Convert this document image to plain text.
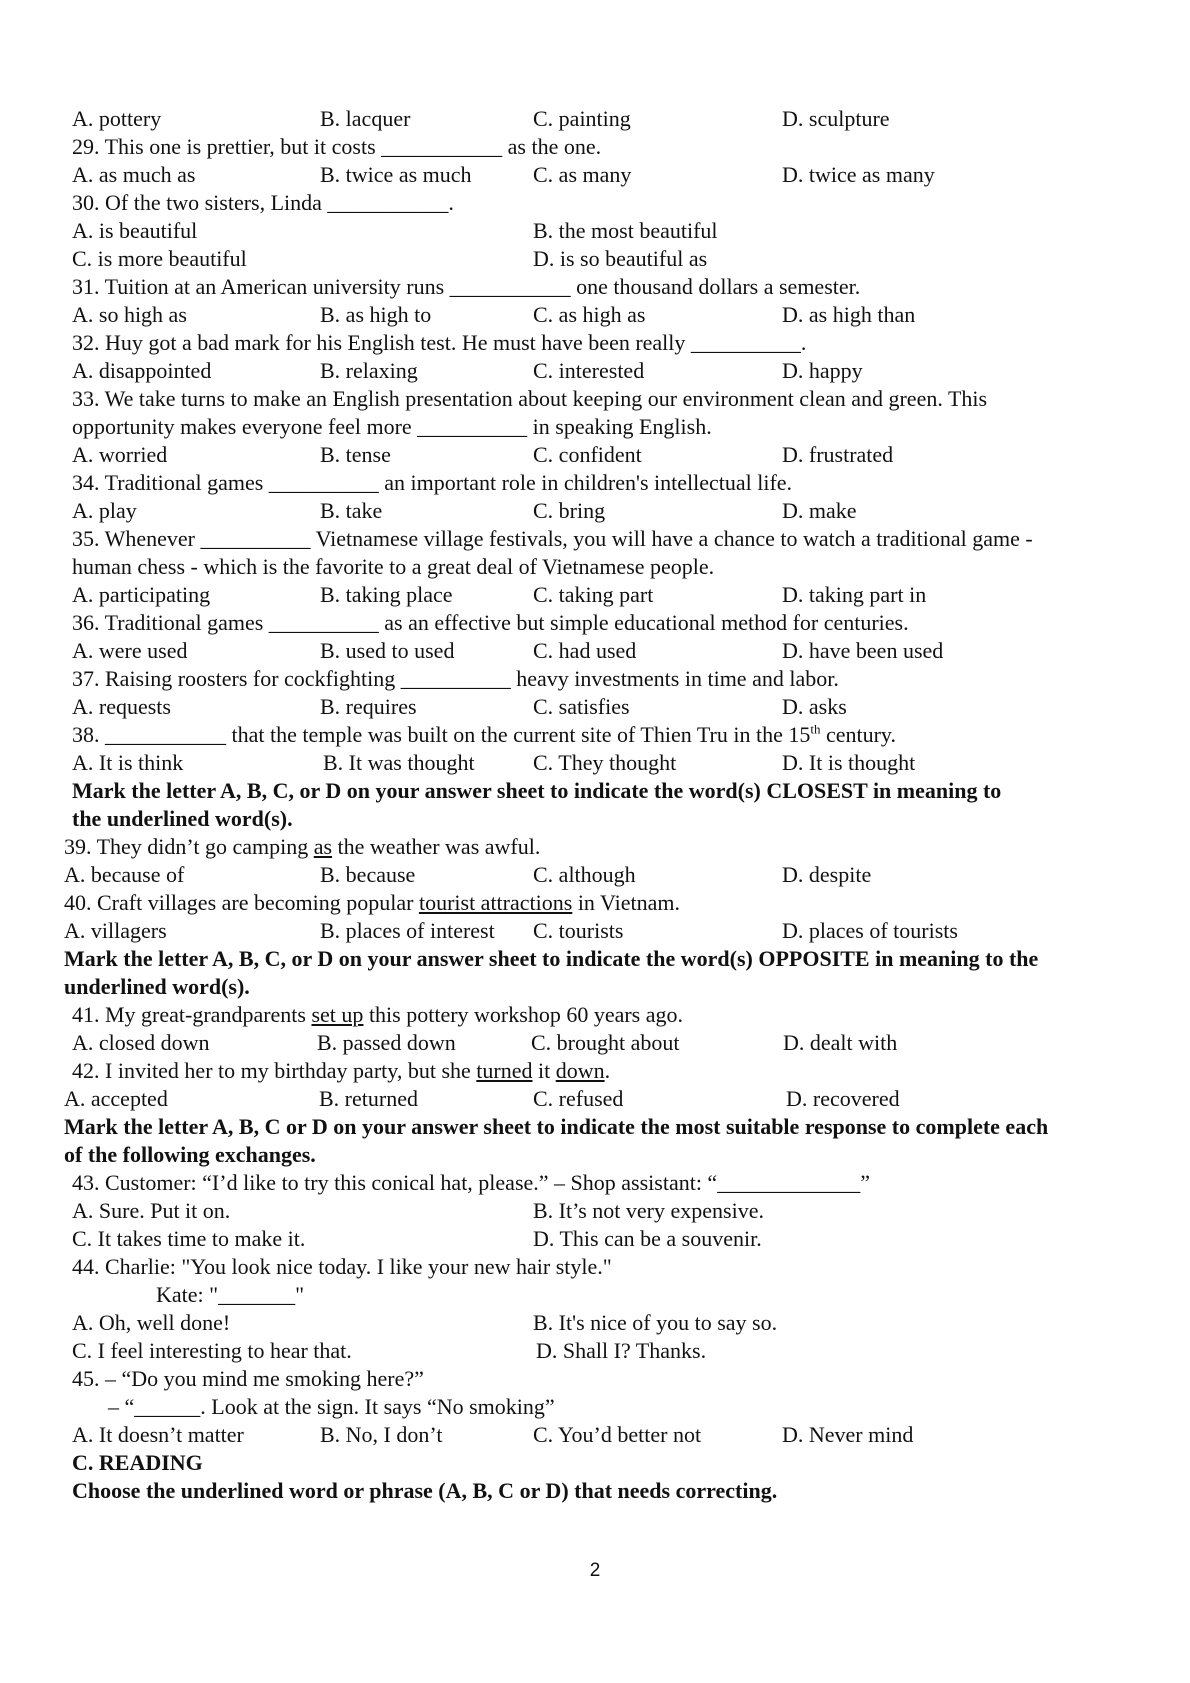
A. pottery	B. lacquer	C. painting	D. sculpture
29. This one is prettier, but it costs ___________ as the one.
A. as much as	B. twice as much	C. as many	D. twice as many
30. Of the two sisters, Linda ___________.
A. is beautiful	B. the most beautiful
C. is more beautiful	D. is so beautiful as
31. Tuition at an American university runs ___________ one thousand dollars a semester.
A. so high as	B. as high to	C. as high as	D. as high than
32. Huy got a bad mark for his English test. He must have been really __________.
A. disappointed	B. relaxing	C. interested	D. happy
33. We take turns to make an English presentation about keeping our environment clean and green. This
opportunity makes everyone feel more __________ in speaking English.
A. worried	B. tense	C. confident	D. frustrated
34. Traditional games __________ an important role in children's intellectual life.
A. play	B. take	C. bring	D. make
35. Whenever __________ Vietnamese village festivals, you will have a chance to watch a traditional game -
human chess - which is the favorite to a great deal of Vietnamese people.
A. participating	B. taking place	C. taking part	D. taking part in
36. Traditional games __________ as an effective but simple educational method for centuries.
A. were used	B. used to used	C. had used	D. have been used
37. Raising roosters for cockfighting __________ heavy investments in time and labor.
A. requests	B. requires	C. satisfies	D. asks
38. ___________ that the temple was built on the current site of Thien Tru in the 15th century.
A. It is think	B. It was thought	C. They thought	D. It is thought
Mark the letter A, B, C, or D on your answer sheet to indicate the word(s) CLOSEST in meaning to
the underlined word(s).
39. They didn’t go camping as the weather was awful.
A. because of	B. because	C. although	D. despite
40. Craft villages are becoming popular tourist attractions in Vietnam.
A. villagers	B. places of interest C. tourists	D. places of tourists
Mark the letter A, B, C, or D on your answer sheet to indicate the word(s) OPPOSITE in meaning to the
underlined word(s).
41. My great-grandparents set up this pottery workshop 60 years ago.
A. closed down	B. passed down	C. brought about	D. dealt with
42. I invited her to my birthday party, but she turned it down.
A. accepted	B. returned	C. refused	D. recovered
Mark the letter A, B, C or D on your answer sheet to indicate the most suitable response to complete each
of the following exchanges.
43. Customer: “I’d like to try this conical hat, please.” – Shop assistant: “_____________”
A. Sure. Put it on.	B. It’s not very expensive.
C. It takes time to make it.	D. This can be a souvenir.
44. Charlie: "You look nice today. I like your new hair style."
Kate: "_______"
A. Oh, well done!	B. It's nice of you to say so.
C. I feel interesting to hear that.	D. Shall I? Thanks.
45. – “Do you mind me smoking here?”
– “______. Look at the sign. It says “No smoking”
A. It doesn’t matter	B. No, I don’t	C. You’d better not	D. Never mind
C. READING
Choose the underlined word or phrase (A, B, C or D) that needs correcting.
2
